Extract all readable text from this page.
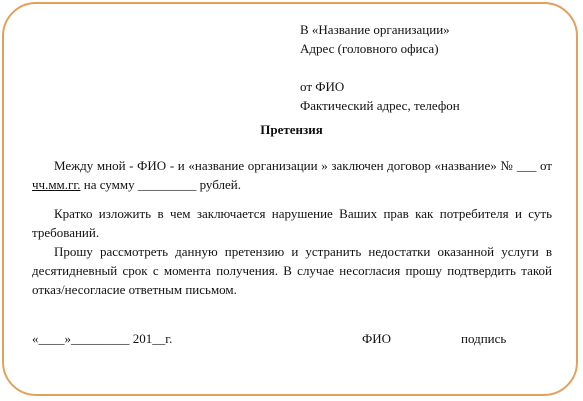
В «Название организации»
Адрес (головного офиса)
от ФИО
Фактический адрес, телефон
Претензия

Между мной - ФИО - и «название организации » заключен договор «название» № ___ от чч.мм.гг. на сумму _________ рублей.

Кратко изложить в чем заключается нарушение Ваших прав как потребителя и суть требований.

Прошу рассмотреть данную претензию и устранить недостатки оказанной услуги в десятидневный срок с момента получения. В случае несогласия прошу подтвердить такой отказ/несогласие ответным письмом.

«____»_________ 201__г.	ФИО	подпись
